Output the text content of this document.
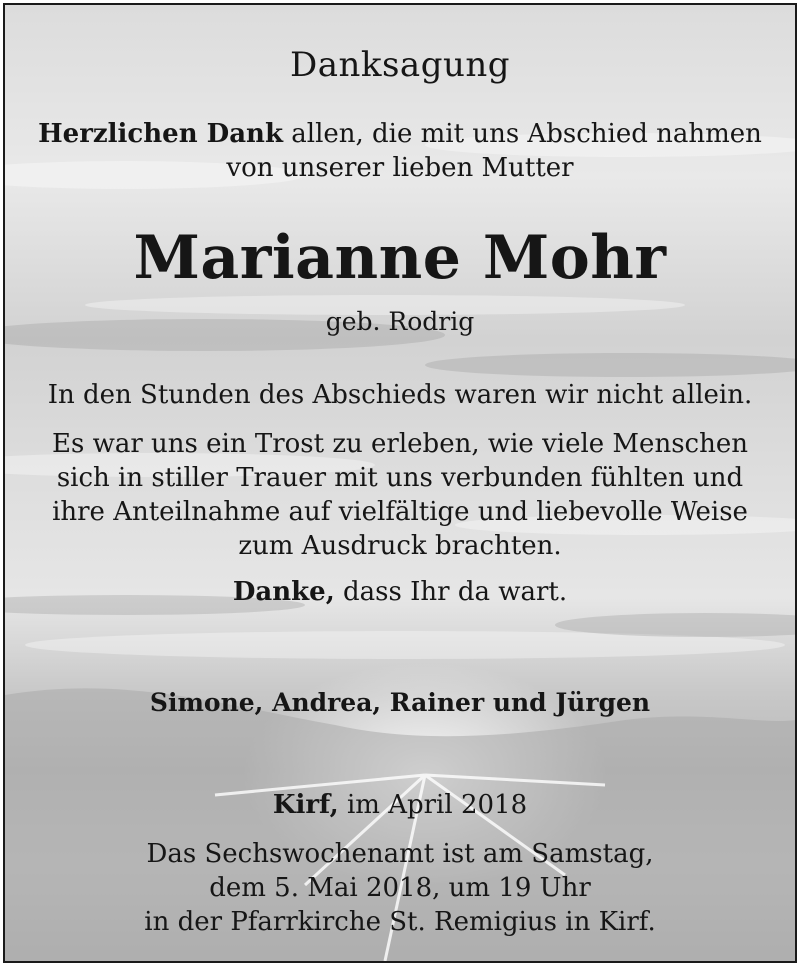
Danksagung
Herzlichen Dank allen, die mit uns Abschied nahmen
von unserer lieben Mutter
Marianne Mohr
geb. Rodrig
In den Stunden des Abschieds waren wir nicht allein.
Es war uns ein Trost zu erleben, wie viele Menschen
sich in stiller Trauer mit uns verbunden fühlten und
ihre Anteilnahme auf vielfältige und liebevolle Weise
zum Ausdruck brachten.
Danke, dass Ihr da wart.
Simone, Andrea, Rainer und Jürgen
Kirf, im April 2018
Das Sechswochenamt ist am Samstag,
dem 5. Mai 2018, um 19 Uhr
in der Pfarrkirche St. Remigius in Kirf.
